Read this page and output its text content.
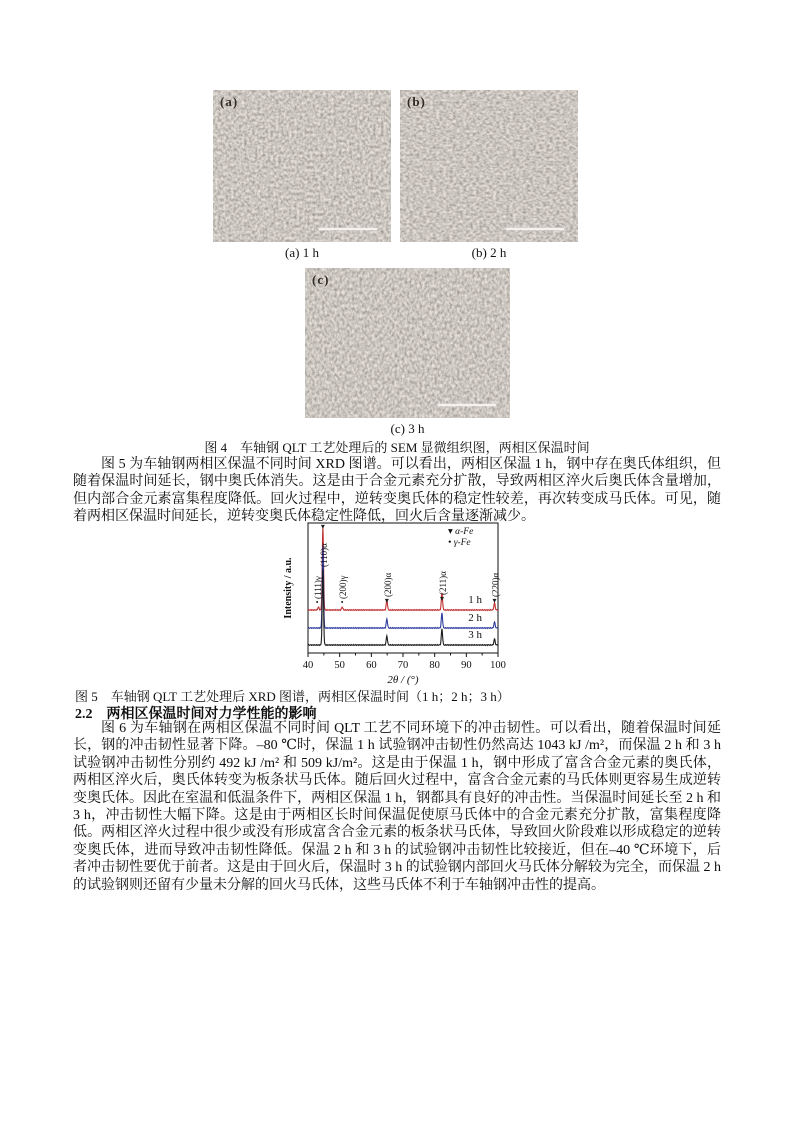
(a)	(b)
(a) 1 h	(b) 2 h
(c)
(c) 3 h
图 4　车轴钢 QLT 工艺处理后的 SEM 显微组织图，两相区保温时间
图 5 为车轴钢两相区保温不同时间 XRD 图谱。可以看出，两相区保温 1 h，钢中存在奥氏体组织，但随着保温时间延长，钢中奥氏体消失。这是由于合金元素充分扩散，导致两相区淬火后奥氏体含量增加，但内部合金元素富集程度降低。回火过程中，逆转变奥氏体的稳定性较差，再次转变成马氏体。可见，随着两相区保温时间延长，逆转变奥氏体稳定性降低，回火后含量逐渐减少。
40 50 60 70 80 90 100
2θ / (°)
Intensity / a.u.	1 h
2 h
3 h
•
(111)γ
▾
(110)α
•
(200)γ
▾
(200)α
▾
(211)α
▾
(220)α
▾ α-Fe
• γ-Fe
图 5　车轴钢 QLT 工艺处理后 XRD 图谱，两相区保温时间（1 h；2 h；3 h）
2.2 两相区保温时间对力学性能的影响
图 6 为车轴钢在两相区保温不同时间 QLT 工艺不同环境下的冲击韧性。可以看出，随着保温时间延长，钢的冲击韧性显著下降。–80 ℃时，保温 1 h 试验钢冲击韧性仍然高达 1043 kJ /m²，而保温 2 h 和 3 h 试验钢冲击韧性分别约 492 kJ /m² 和 509 kJ/m²。这是由于保温 1 h，钢中形成了富含合金元素的奥氏体，两相区淬火后，奥氏体转变为板条状马氏体。随后回火过程中，富含合金元素的马氏体则更容易生成逆转变奥氏体。因此在室温和低温条件下，两相区保温 1 h，钢都具有良好的冲击性。当保温时间延长至 2 h 和 3 h，冲击韧性大幅下降。这是由于两相区长时间保温促使原马氏体中的合金元素充分扩散，富集程度降低。两相区淬火过程中很少或没有形成富含合金元素的板条状马氏体，导致回火阶段难以形成稳定的逆转变奥氏体，进而导致冲击韧性降低。保温 2 h 和 3 h 的试验钢冲击韧性比较接近，但在–40 ℃环境下，后者冲击韧性要优于前者。这是由于回火后，保温时 3 h 的试验钢内部回火马氏体分解较为完全，而保温 2 h 的试验钢则还留有少量未分解的回火马氏体，这些马氏体不利于车轴钢冲击性的提高。
